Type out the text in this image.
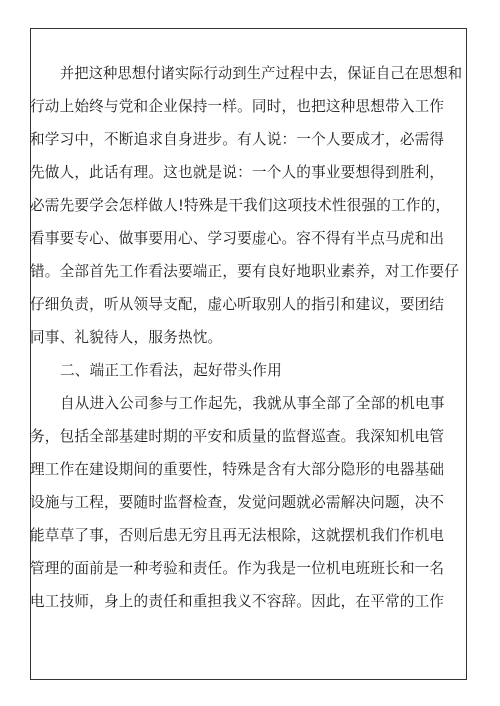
并把这种思想付诸实际行动到生产过程中去，保证自己在思想和
行动上始终与党和企业保持一样。同时，也把这种思想带入工作
和学习中，不断追求自身进步。有人说：一个人要成才，必需得
先做人，此话有理。这也就是说：一个人的事业要想得到胜利，
必需先要学会怎样做人!特殊是干我们这项技术性很强的工作的，
看事要专心、做事要用心、学习要虚心。容不得有半点马虎和出
错。全部首先工作看法要端正，要有良好地职业素养，对工作要仔
仔细负责，听从领导支配，虚心听取别人的指引和建议，要团结
同事、礼貌待人，服务热忱。
二、端正工作看法，起好带头作用
自从进入公司参与工作起先，我就从事全部了全部的机电事
务，包括全部基建时期的平安和质量的监督巡查。我深知机电管
理工作在建设期间的重要性，特殊是含有大部分隐形的电器基础
设施与工程，要随时监督检查，发觉问题就必需解决问题，决不
能草草了事，否则后患无穷且再无法根除，这就摆机我们作机电
管理的面前是一种考验和责任。作为我是一位机电班班长和一名
电工技师，身上的责任和重担我义不容辞。因此，在平常的工作
